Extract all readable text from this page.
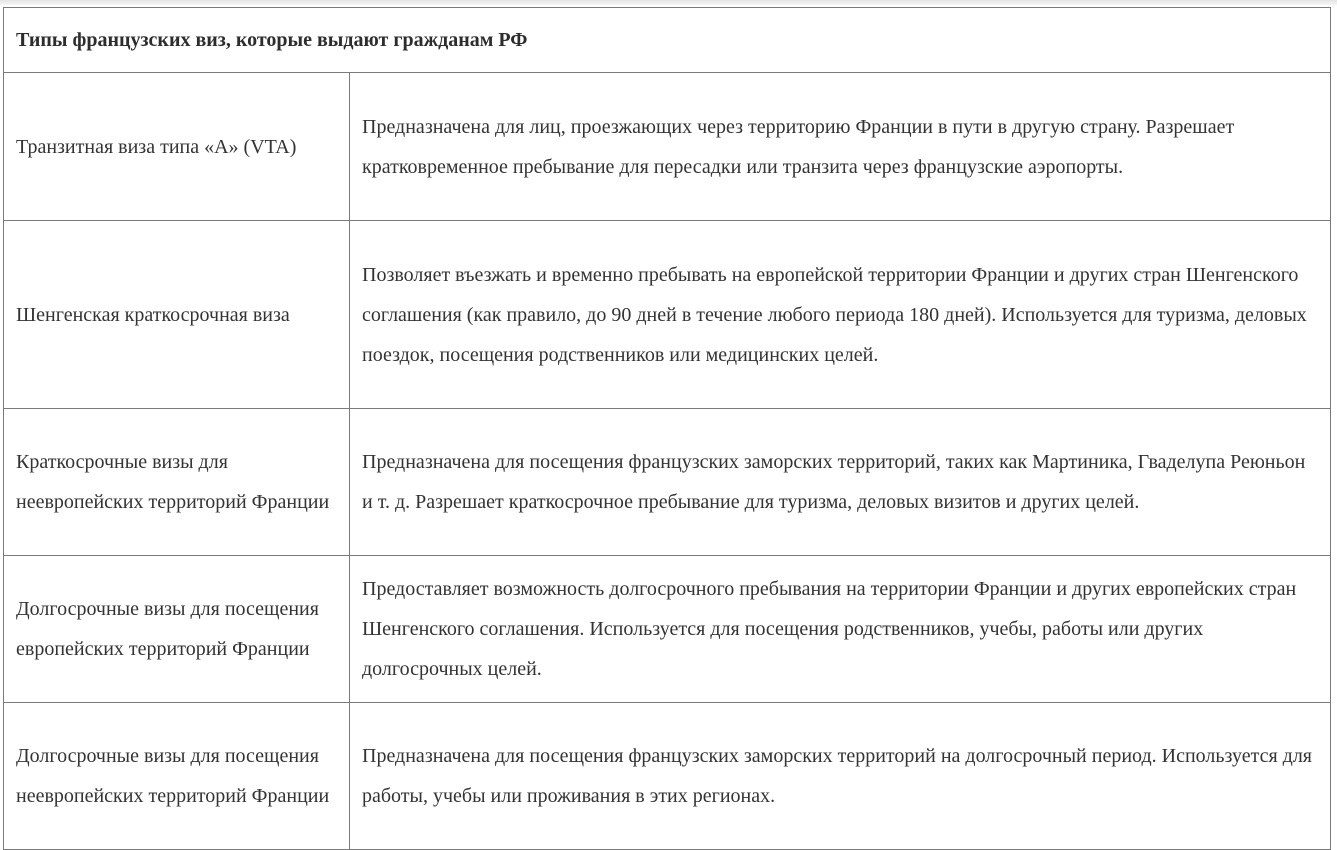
Типы французских виз, которые выдают гражданам РФ	
Транзитная виза типа «А» (VTA)	Предназначена для лиц, проезжающих через территорию Франции в пути в другую страну. Разрешает кратковременное пребывание для пересадки или транзита через французские аэропорты.
Шенгенская краткосрочная виза	Позволяет въезжать и временно пребывать на европейской территории Франции и других стран Шенгенского соглашения (как правило, до 90 дней в течение любого периода 180 дней). Используется для туризма, деловых поездок, посещения родственников или медицинских целей.
Краткосрочные визы для неевропейских территорий Франции	Предназначена для посещения французских заморских территорий, таких как Мартиника, Гваделупа Реюньон и т. д. Разрешает краткосрочное пребывание для туризма, деловых визитов и других целей.
Долгосрочные визы для посещения европейских территорий Франции	Предоставляет возможность долгосрочного пребывания на территории Франции и других европейских стран Шенгенского соглашения. Используется для посещения родственников, учебы, работы или других долгосрочных целей.
Долгосрочные визы для посещения неевропейских территорий Франции	Предназначена для посещения французских заморских территорий на долгосрочный период. Используется для работы, учебы или проживания в этих регионах.
